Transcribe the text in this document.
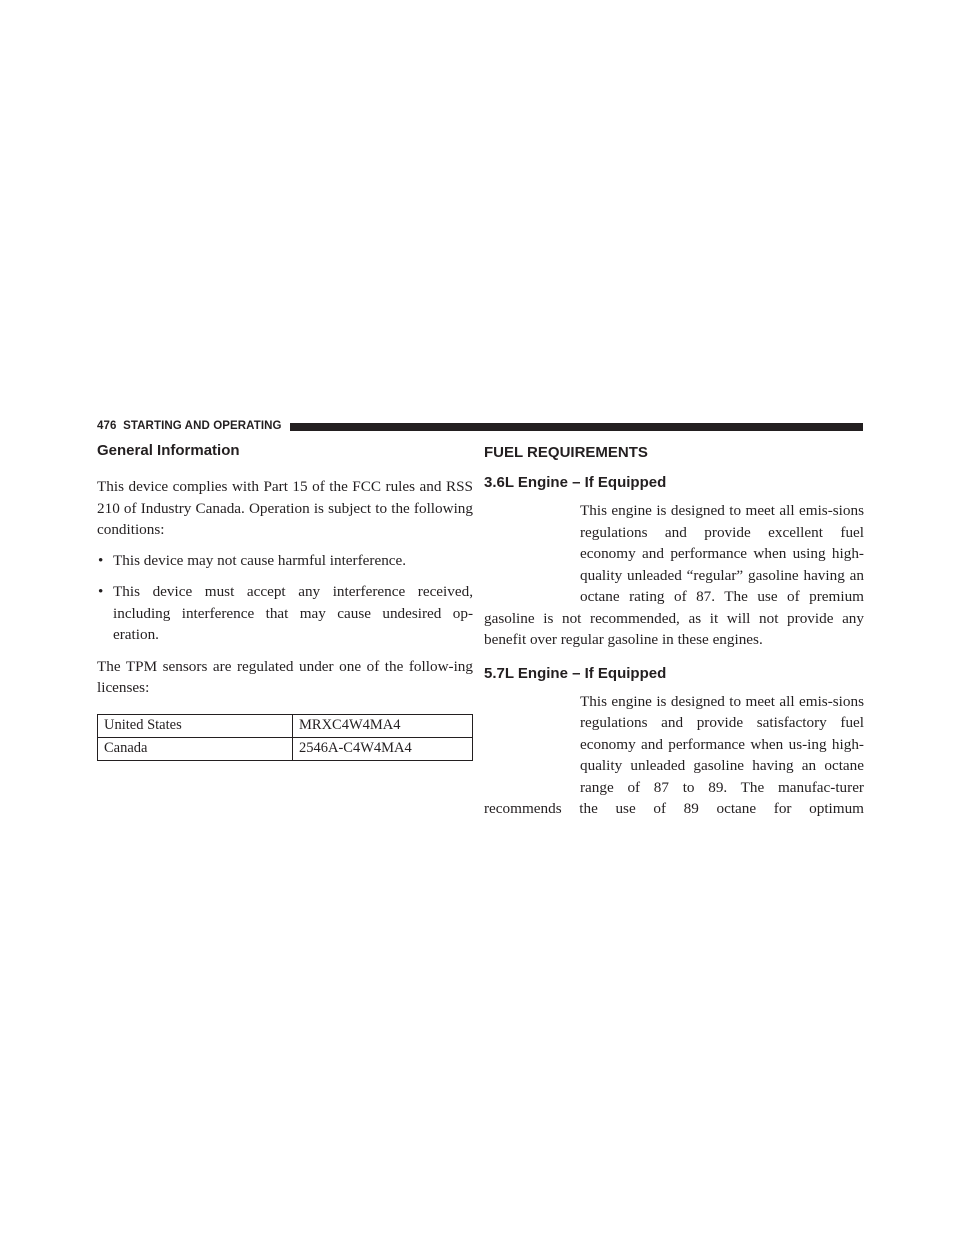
476 STARTING AND OPERATING
General Information

This device complies with Part 15 of the FCC rules and RSS 210 of Industry Canada. Operation is subject to the following conditions:

• This device may not cause harmful interference.
• This device must accept any interference received, including interference that may cause undesired op-eration.

The TPM sensors are regulated under one of the follow-ing licenses:

United States	MRXC4W4MA4
Canada	2546A-C4W4MA4
FUEL REQUIREMENTS
3.6L Engine – If Equipped

This engine is designed to meet all emis-sions regulations and provide excellent fuel economy and performance when using high-quality unleaded “regular” gasoline having an octane rating of 87. The use of premium gasoline is not recommended, as it will not provide any benefit over regular gasoline in these engines.

5.7L Engine – If Equipped

This engine is designed to meet all emis-sions regulations and provide satisfactory fuel economy and performance when us-ing high-quality unleaded gasoline having an octane range of 87 to 89. The manufac-turer recommends the use of 89 octane for optimum
